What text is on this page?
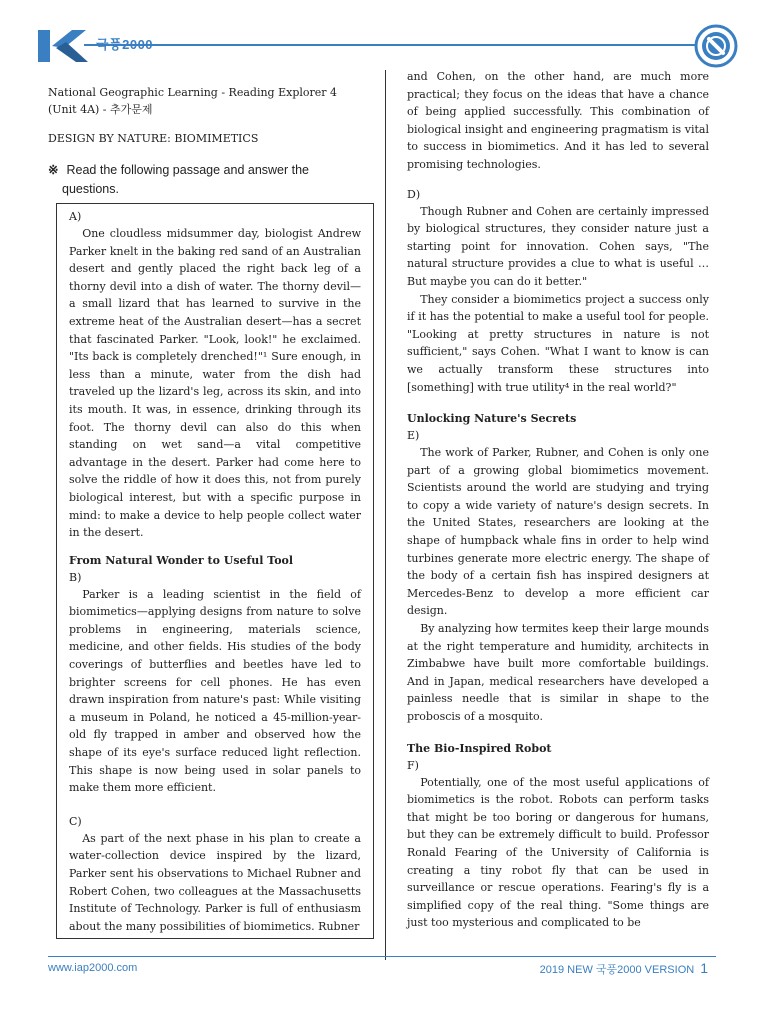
국풍2000
National Geographic Learning - Reading Explorer 4
(Unit 4A) - 추가문제
DESIGN BY NATURE: BIOMIMETICS
※ Read the following passage and answer the
questions.
A)

One cloudless midsummer day, biologist Andrew Parker knelt in the baking red sand of an Australian desert and gently placed the right back leg of a thorny devil into a dish of water. The thorny devil—a small lizard that has learned to survive in the extreme heat of the Australian desert—has a secret that fascinated Parker. "Look, look!" he exclaimed. "Its back is completely drenched!"¹ Sure enough, in less than a minute, water from the dish had traveled up the lizard's leg, across its skin, and into its mouth. It was, in essence, drinking through its foot. The thorny devil can also do this when standing on wet sand—a vital competitive advantage in the desert. Parker had come here to solve the riddle of how it does this, not from purely biological interest, but with a specific purpose in mind: to make a device to help people collect water in the desert.

From Natural Wonder to Useful Tool
B)

Parker is a leading scientist in the field of biomimetics—applying designs from nature to solve problems in engineering, materials science, medicine, and other fields. His studies of the body coverings of butterflies and beetles have led to brighter screens for cell phones. He has even drawn inspiration from nature's past: While visiting a museum in Poland, he noticed a 45-million-year-old fly trapped in amber and observed how the shape of its eye's surface reduced light reflection. This shape is now being used in solar panels to make them more efficient.

C)

As part of the next phase in his plan to create a water-collection device inspired by the lizard, Parker sent his observations to Michael Rubner and Robert Cohen, two colleagues at the Massachusetts Institute of Technology. Parker is full of enthusiasm about the many possibilities of biomimetics. Rubner

and Cohen, on the other hand, are much more practical; they focus on the ideas that have a chance of being applied successfully. This combination of biological insight and engineering pragmatism is vital to success in biomimetics. And it has led to several promising technologies.

D)

Though Rubner and Cohen are certainly impressed by biological structures, they consider nature just a starting point for innovation. Cohen says, "The natural structure provides a clue to what is useful … But maybe you can do it better."

They consider a biomimetics project a success only if it has the potential to make a useful tool for people. "Looking at pretty structures in nature is not sufficient," says Cohen. "What I want to know is can we actually transform these structures into [something] with true utility⁴ in the real world?"

Unlocking Nature's Secrets
E)

The work of Parker, Rubner, and Cohen is only one part of a growing global biomimetics movement. Scientists around the world are studying and trying to copy a wide variety of nature's design secrets. In the United States, researchers are looking at the shape of humpback whale fins in order to help wind turbines generate more electric energy. The shape of the body of a certain fish has inspired designers at Mercedes-Benz to develop a more efficient car design.

By analyzing how termites keep their large mounds at the right temperature and humidity, architects in Zimbabwe have built more comfortable buildings. And in Japan, medical researchers have developed a painless needle that is similar in shape to the proboscis of a mosquito.

The Bio-Inspired Robot
F)

Potentially, one of the most useful applications of biomimetics is the robot. Robots can perform tasks that might be too boring or dangerous for humans, but they can be extremely difficult to build. Professor Ronald Fearing of the University of California is creating a tiny robot fly that can be used in surveillance or rescue operations. Fearing's fly is a simplified copy of the real thing. "Some things are just too mysterious and complicated to be

www.iap2000.com	2019 NEW 국풍2000 VERSION 1
